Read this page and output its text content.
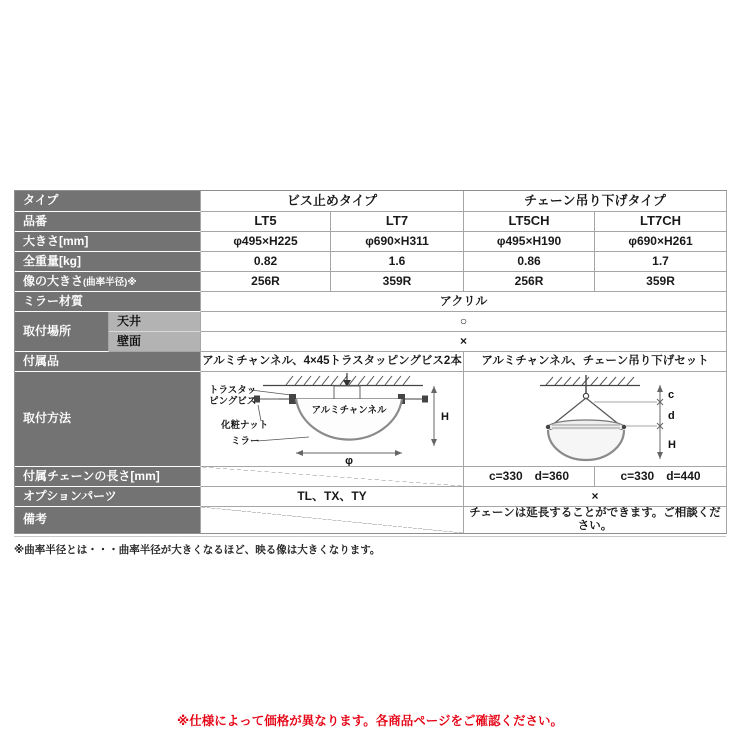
タイプ		ビス止めタイプ		チェーン吊り下げタイプ	
品番		LT5	LT7	LT5CH	LT7CH
大きさ[mm]		φ495×H225	φ690×H311	φ495×H190	φ690×H261
全重量[kg]		0.82	1.6	0.86	1.7
像の大きさ(曲率半径)※		256R	359R	256R	359R
ミラー材質		アクリル			
取付場所	天井	○			
	壁面	×			
付属品		アルミチャンネル、4×45トラスタッピングビス2本		アルミチャンネル、チェーン吊り下げセット	
取付方法	
トラスタッ
ピングビス
アルミチャンネル
化粧ナット
ミラー
H
φ

c
d
H

付属チェーンの長さ[mm]				c=330　d=360	c=330　d=440
オプションパーツ		TL、TX、TY		×	
備考				チェーンは延長することができます。ご相談ください。	
※曲率半径とは・・・曲率半径が大きくなるほど、映る像は大きくなります。
※仕様によって価格が異なります。各商品ページをご確認ください。
